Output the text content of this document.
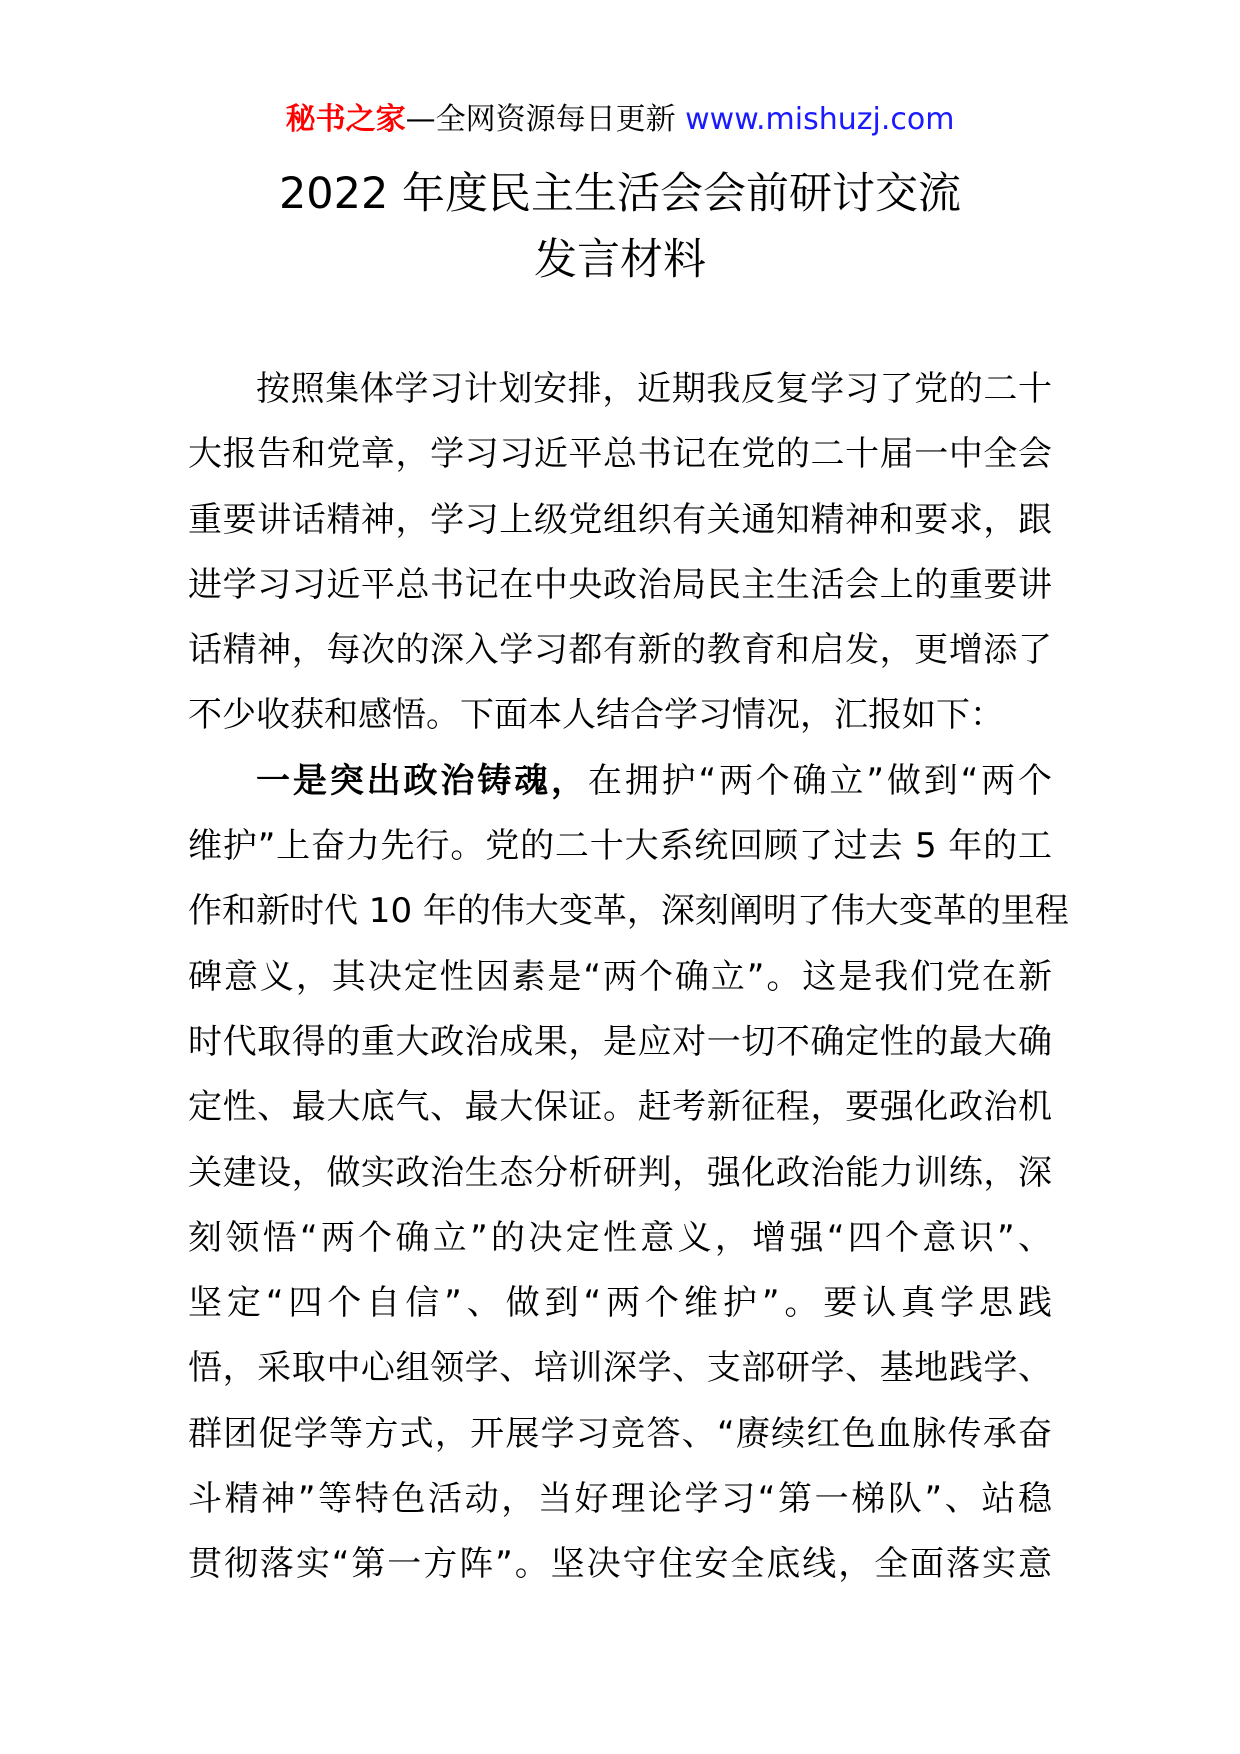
秘书之家—全网资源每日更新 www.mishuzj.com
2022 年度民主生活会会前研讨交流
发言材料
按照集体学习计划安排，近期我反复学习了党的二十
大报告和党章，学习习近平总书记在党的二十届一中全会
重要讲话精神，学习上级党组织有关通知精神和要求，跟
进学习习近平总书记在中央政治局民主生活会上的重要讲
话精神，每次的深入学习都有新的教育和启发，更增添了
不少收获和感悟。下面本人结合学习情况，汇报如下：
一是突出政治铸魂，在拥护“两个确立”做到“两个
维护”上奋力先行。党的二十大系统回顾了过去 5 年的工
作和新时代 10 年的伟大变革，深刻阐明了伟大变革的里程
碑意义，其决定性因素是“两个确立”。这是我们党在新
时代取得的重大政治成果，是应对一切不确定性的最大确
定性、最大底气、最大保证。赶考新征程，要强化政治机
关建设，做实政治生态分析研判，强化政治能力训练，深
刻领悟“两个确立”的决定性意义，增强“四个意识”、
坚定“四个自信”、做到“两个维护”。要认真学思践
悟，采取中心组领学、培训深学、支部研学、基地践学、
群团促学等方式，开展学习竞答、“赓续红色血脉传承奋
斗精神”等特色活动，当好理论学习“第一梯队”、站稳
贯彻落实“第一方阵”。坚决守住安全底线，全面落实意
